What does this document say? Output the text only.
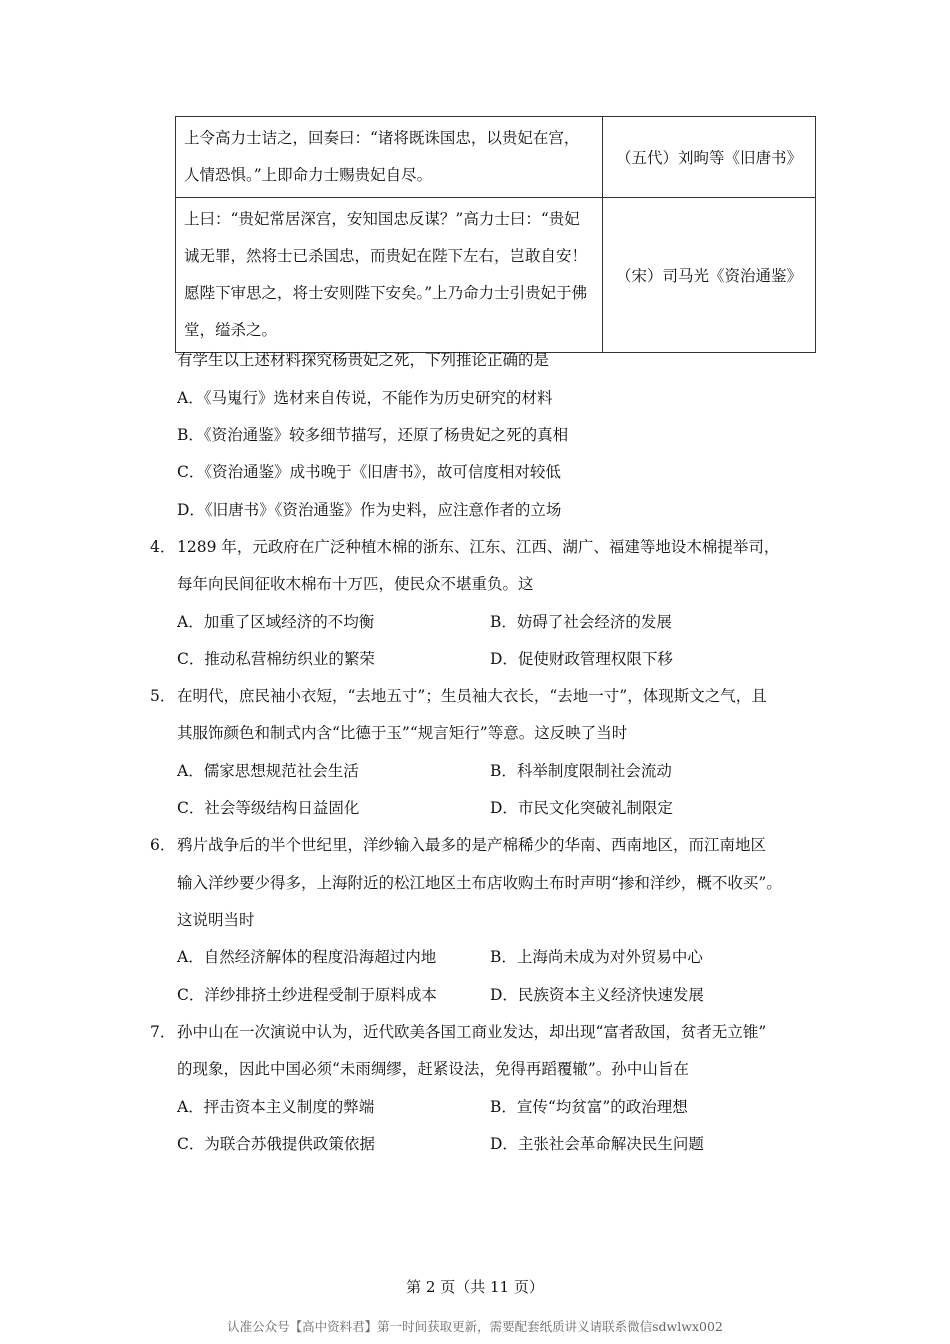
上令高力士诘之，回奏曰：“诸将既诛国忠，以贵妃在宫，人情恐惧。”上即命力士赐贵妃自尽。	（五代）刘昫等《旧唐书》
上曰：“贵妃常居深宫，安知国忠反谋？”高力士曰：“贵妃诚无罪，然将士已杀国忠，而贵妃在陛下左右，岂敢自安！愿陛下审思之，将士安则陛下安矣。”上乃命力士引贵妃于佛堂，缢杀之。	（宋）司马光《资治通鉴》
有学生以上述材料探究杨贵妃之死，下列推论正确的是
A．《马嵬行》选材来自传说，不能作为历史研究的材料
B．《资治通鉴》较多细节描写，还原了杨贵妃之死的真相
C．《资治通鉴》成书晚于《旧唐书》，故可信度相对较低
D．《旧唐书》《资治通鉴》作为史料，应注意作者的立场
4． 1289 年，元政府在广泛种植木棉的浙东、江东、江西、湖广、福建等地设木棉提举司，
每年向民间征收木棉布十万匹，使民众不堪重负。这
A．加重了区域经济的不均衡	B．妨碍了社会经济的发展
C．推动私营棉纺织业的繁荣	D．促使财政管理权限下移
5． 在明代，庶民袖小衣短，“去地五寸”；生员袖大衣长，“去地一寸”，体现斯文之气，且
其服饰颜色和制式内含“比德于玉”“规言矩行”等意。这反映了当时
A．儒家思想规范社会生活	B．科举制度限制社会流动
C．社会等级结构日益固化	D．市民文化突破礼制限定
6． 鸦片战争后的半个世纪里，洋纱输入最多的是产棉稀少的华南、西南地区，而江南地区
输入洋纱要少得多，上海附近的松江地区土布店收购土布时声明“掺和洋纱，概不收买”。
这说明当时
A．自然经济解体的程度沿海超过内地	B．上海尚未成为对外贸易中心
C．洋纱排挤土纱进程受制于原料成本	D．民族资本主义经济快速发展
7． 孙中山在一次演说中认为，近代欧美各国工商业发达，却出现“富者敌国，贫者无立锥”
的现象，因此中国必须“未雨绸缪，赶紧设法，免得再蹈覆辙”。孙中山旨在
A．抨击资本主义制度的弊端	B．宣传“均贫富”的政治理想
C．为联合苏俄提供政策依据	D．主张社会革命解决民生问题
第 2 页（共 11 页）
认准公众号【高中资料君】第一时间获取更新，需要配套纸质讲义请联系微信sdwlwx002
